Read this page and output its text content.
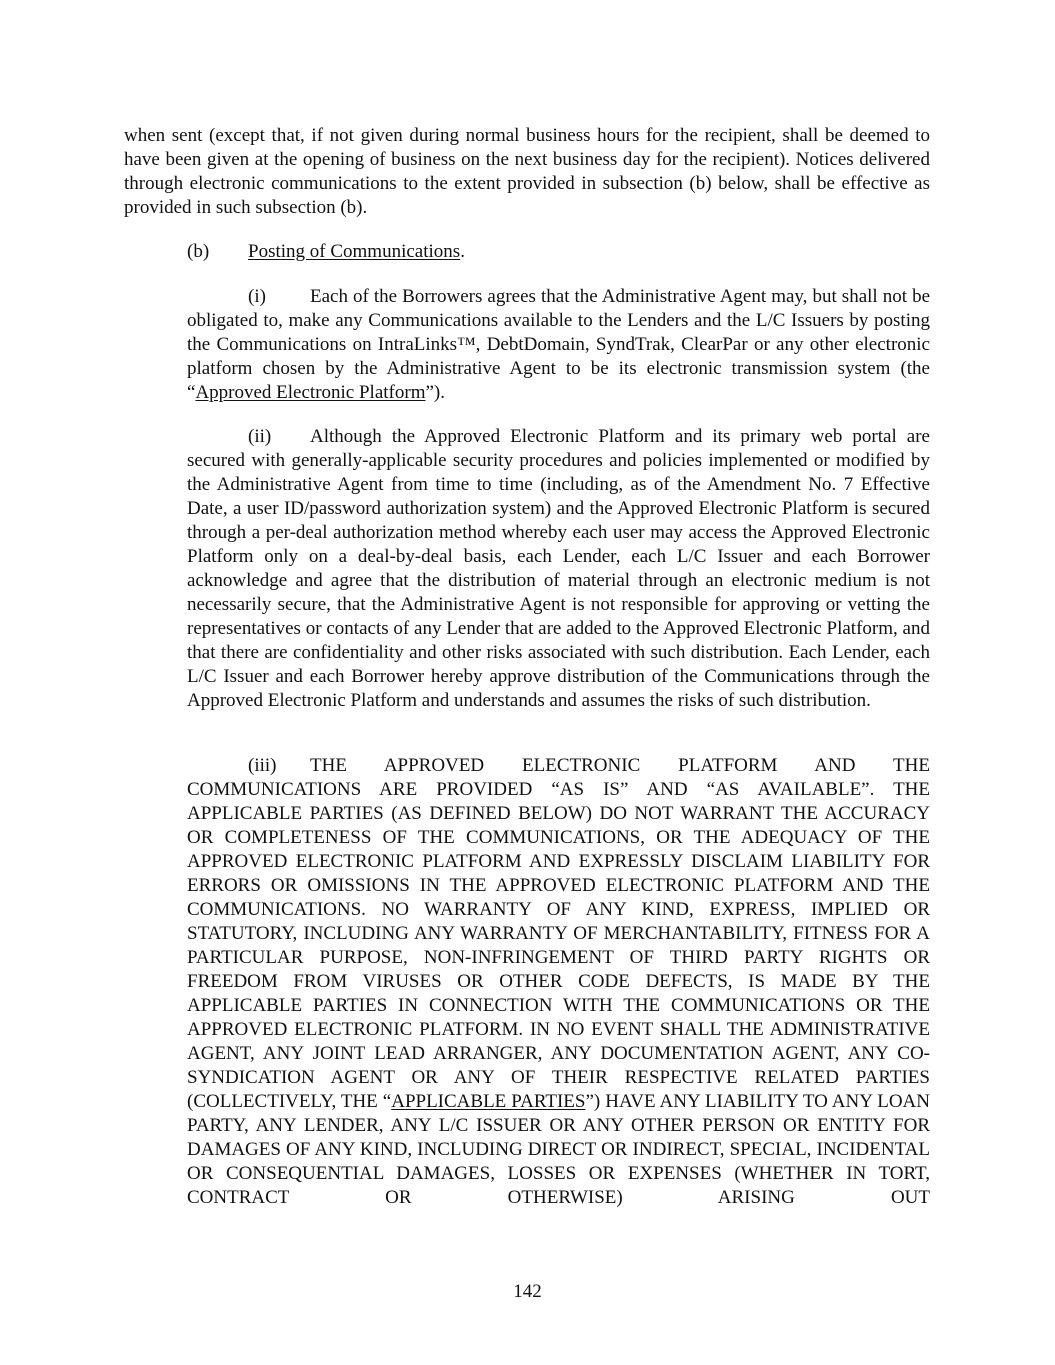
when sent (except that, if not given during normal business hours for the recipient, shall be deemed to have been given at the opening of business on the next business day for the recipient). Notices delivered through electronic communications to the extent provided in subsection (b) below, shall be effective as provided in such subsection (b).

(b) Posting of Communications.

(i) Each of the Borrowers agrees that the Administrative Agent may, but shall not be obligated to, make any Communications available to the Lenders and the L/C Issuers by posting the Communications on IntraLinks™, DebtDomain, SyndTrak, ClearPar or any other electronic platform chosen by the Administrative Agent to be its electronic transmission system (the “Approved Electronic Platform”).

(ii) Although the Approved Electronic Platform and its primary web portal are secured with generally-applicable security procedures and policies implemented or modified by the Administrative Agent from time to time (including, as of the Amendment No. 7 Effective Date, a user ID/password authorization system) and the Approved Electronic Platform is secured through a per-deal authorization method whereby each user may access the Approved Electronic Platform only on a deal-by-deal basis, each Lender, each L/C Issuer and each Borrower acknowledge and agree that the distribution of material through an electronic medium is not necessarily secure, that the Administrative Agent is not responsible for approving or vetting the representatives or contacts of any Lender that are added to the Approved Electronic Platform, and that there are confidentiality and other risks associated with such distribution. Each Lender, each L/C Issuer and each Borrower hereby approve distribution of the Communications through the Approved Electronic Platform and understands and assumes the risks of such distribution.

(iii) THE APPROVED ELECTRONIC PLATFORM AND THE COMMUNICATIONS ARE PROVIDED “AS IS” AND “AS AVAILABLE”. THE APPLICABLE PARTIES (AS DEFINED BELOW) DO NOT WARRANT THE ACCURACY OR COMPLETENESS OF THE COMMUNICATIONS, OR THE ADEQUACY OF THE APPROVED ELECTRONIC PLATFORM AND EXPRESSLY DISCLAIM LIABILITY FOR ERRORS OR OMISSIONS IN THE APPROVED ELECTRONIC PLATFORM AND THE COMMUNICATIONS. NO WARRANTY OF ANY KIND, EXPRESS, IMPLIED OR STATUTORY, INCLUDING ANY WARRANTY OF MERCHANTABILITY, FITNESS FOR A PARTICULAR PURPOSE, NON-INFRINGEMENT OF THIRD PARTY RIGHTS OR FREEDOM FROM VIRUSES OR OTHER CODE DEFECTS, IS MADE BY THE APPLICABLE PARTIES IN CONNECTION WITH THE COMMUNICATIONS OR THE APPROVED ELECTRONIC PLATFORM. IN NO EVENT SHALL THE ADMINISTRATIVE AGENT, ANY JOINT LEAD ARRANGER, ANY DOCUMENTATION AGENT, ANY CO-SYNDICATION AGENT OR ANY OF THEIR RESPECTIVE RELATED PARTIES (COLLECTIVELY, THE “APPLICABLE PARTIES”) HAVE ANY LIABILITY TO ANY LOAN PARTY, ANY LENDER, ANY L/C ISSUER OR ANY OTHER PERSON OR ENTITY FOR DAMAGES OF ANY KIND, INCLUDING DIRECT OR INDIRECT, SPECIAL, INCIDENTAL OR CONSEQUENTIAL DAMAGES, LOSSES OR EXPENSES (WHETHER IN TORT, CONTRACT OR OTHERWISE) ARISING OUT

142
